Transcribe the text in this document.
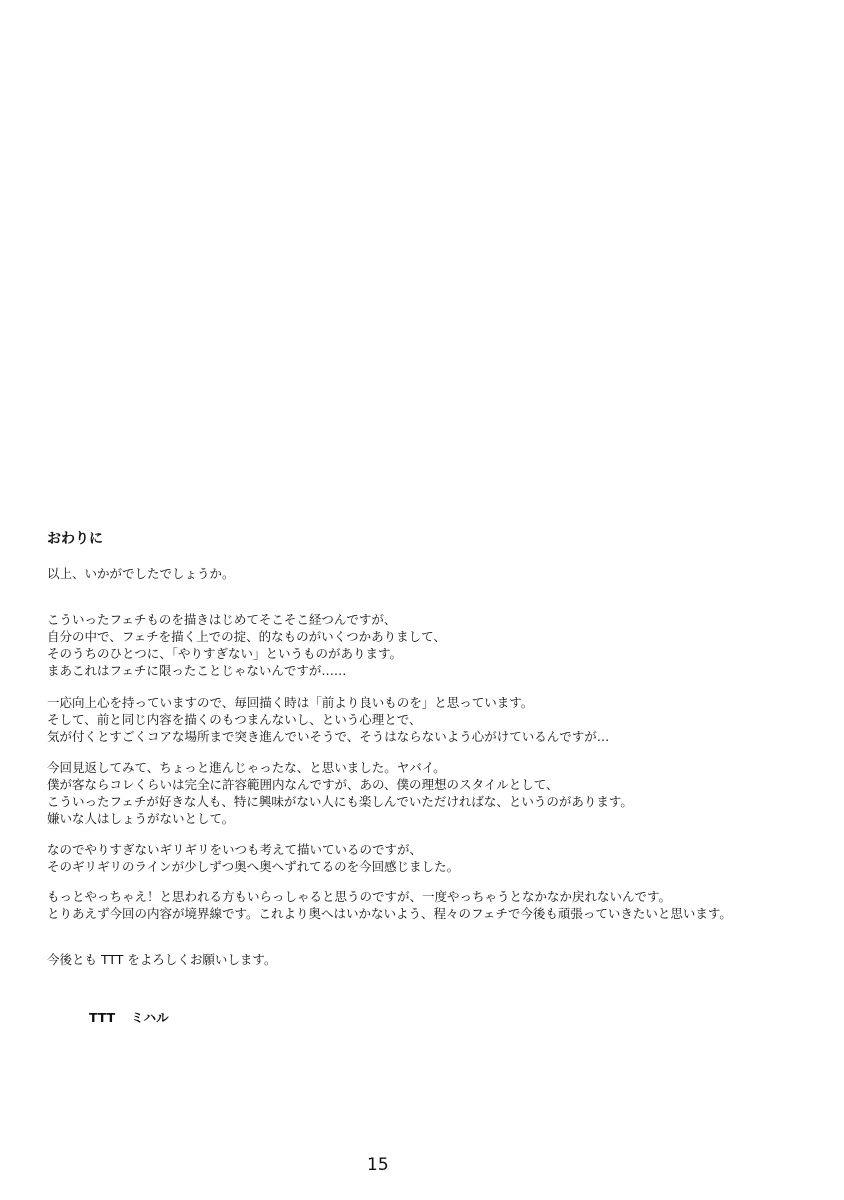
おわりに
以上、いかがでしたでしょうか。
こういったフェチものを描きはじめてそこそこ経つんですが、
自分の中で、フェチを描く上での掟、的なものがいくつかありまして、
そのうちのひとつに、「やりすぎない」というものがあります。
まあこれはフェチに限ったことじゃないんですが……
一応向上心を持っていますので、毎回描く時は「前より良いものを」と思っています。
そして、前と同じ内容を描くのもつまんないし、という心理とで、
気が付くとすごくコアな場所まで突き進んでいそうで、そうはならないよう心がけているんですが…
今回見返してみて、ちょっと進んじゃったな、と思いました。ヤバイ。
僕が客ならコレくらいは完全に許容範囲内なんですが、あの、僕の理想のスタイルとして、
こういったフェチが好きな人も、特に興味がない人にも楽しんでいただければな、というのがあります。
嫌いな人はしょうがないとして。
なのでやりすぎないギリギリをいつも考えて描いているのですが、
そのギリギリのラインが少しずつ奥へ奥へずれてるのを今回感じました。
もっとやっちゃえ！と思われる方もいらっしゃると思うのですが、一度やっちゃうとなかなか戻れないんです。
とりあえず今回の内容が境界線です。これより奥へはいかないよう、程々のフェチで今後も頑張っていきたいと思います。
今後とも TTT をよろしくお願いします。
TTT ミハル
15
